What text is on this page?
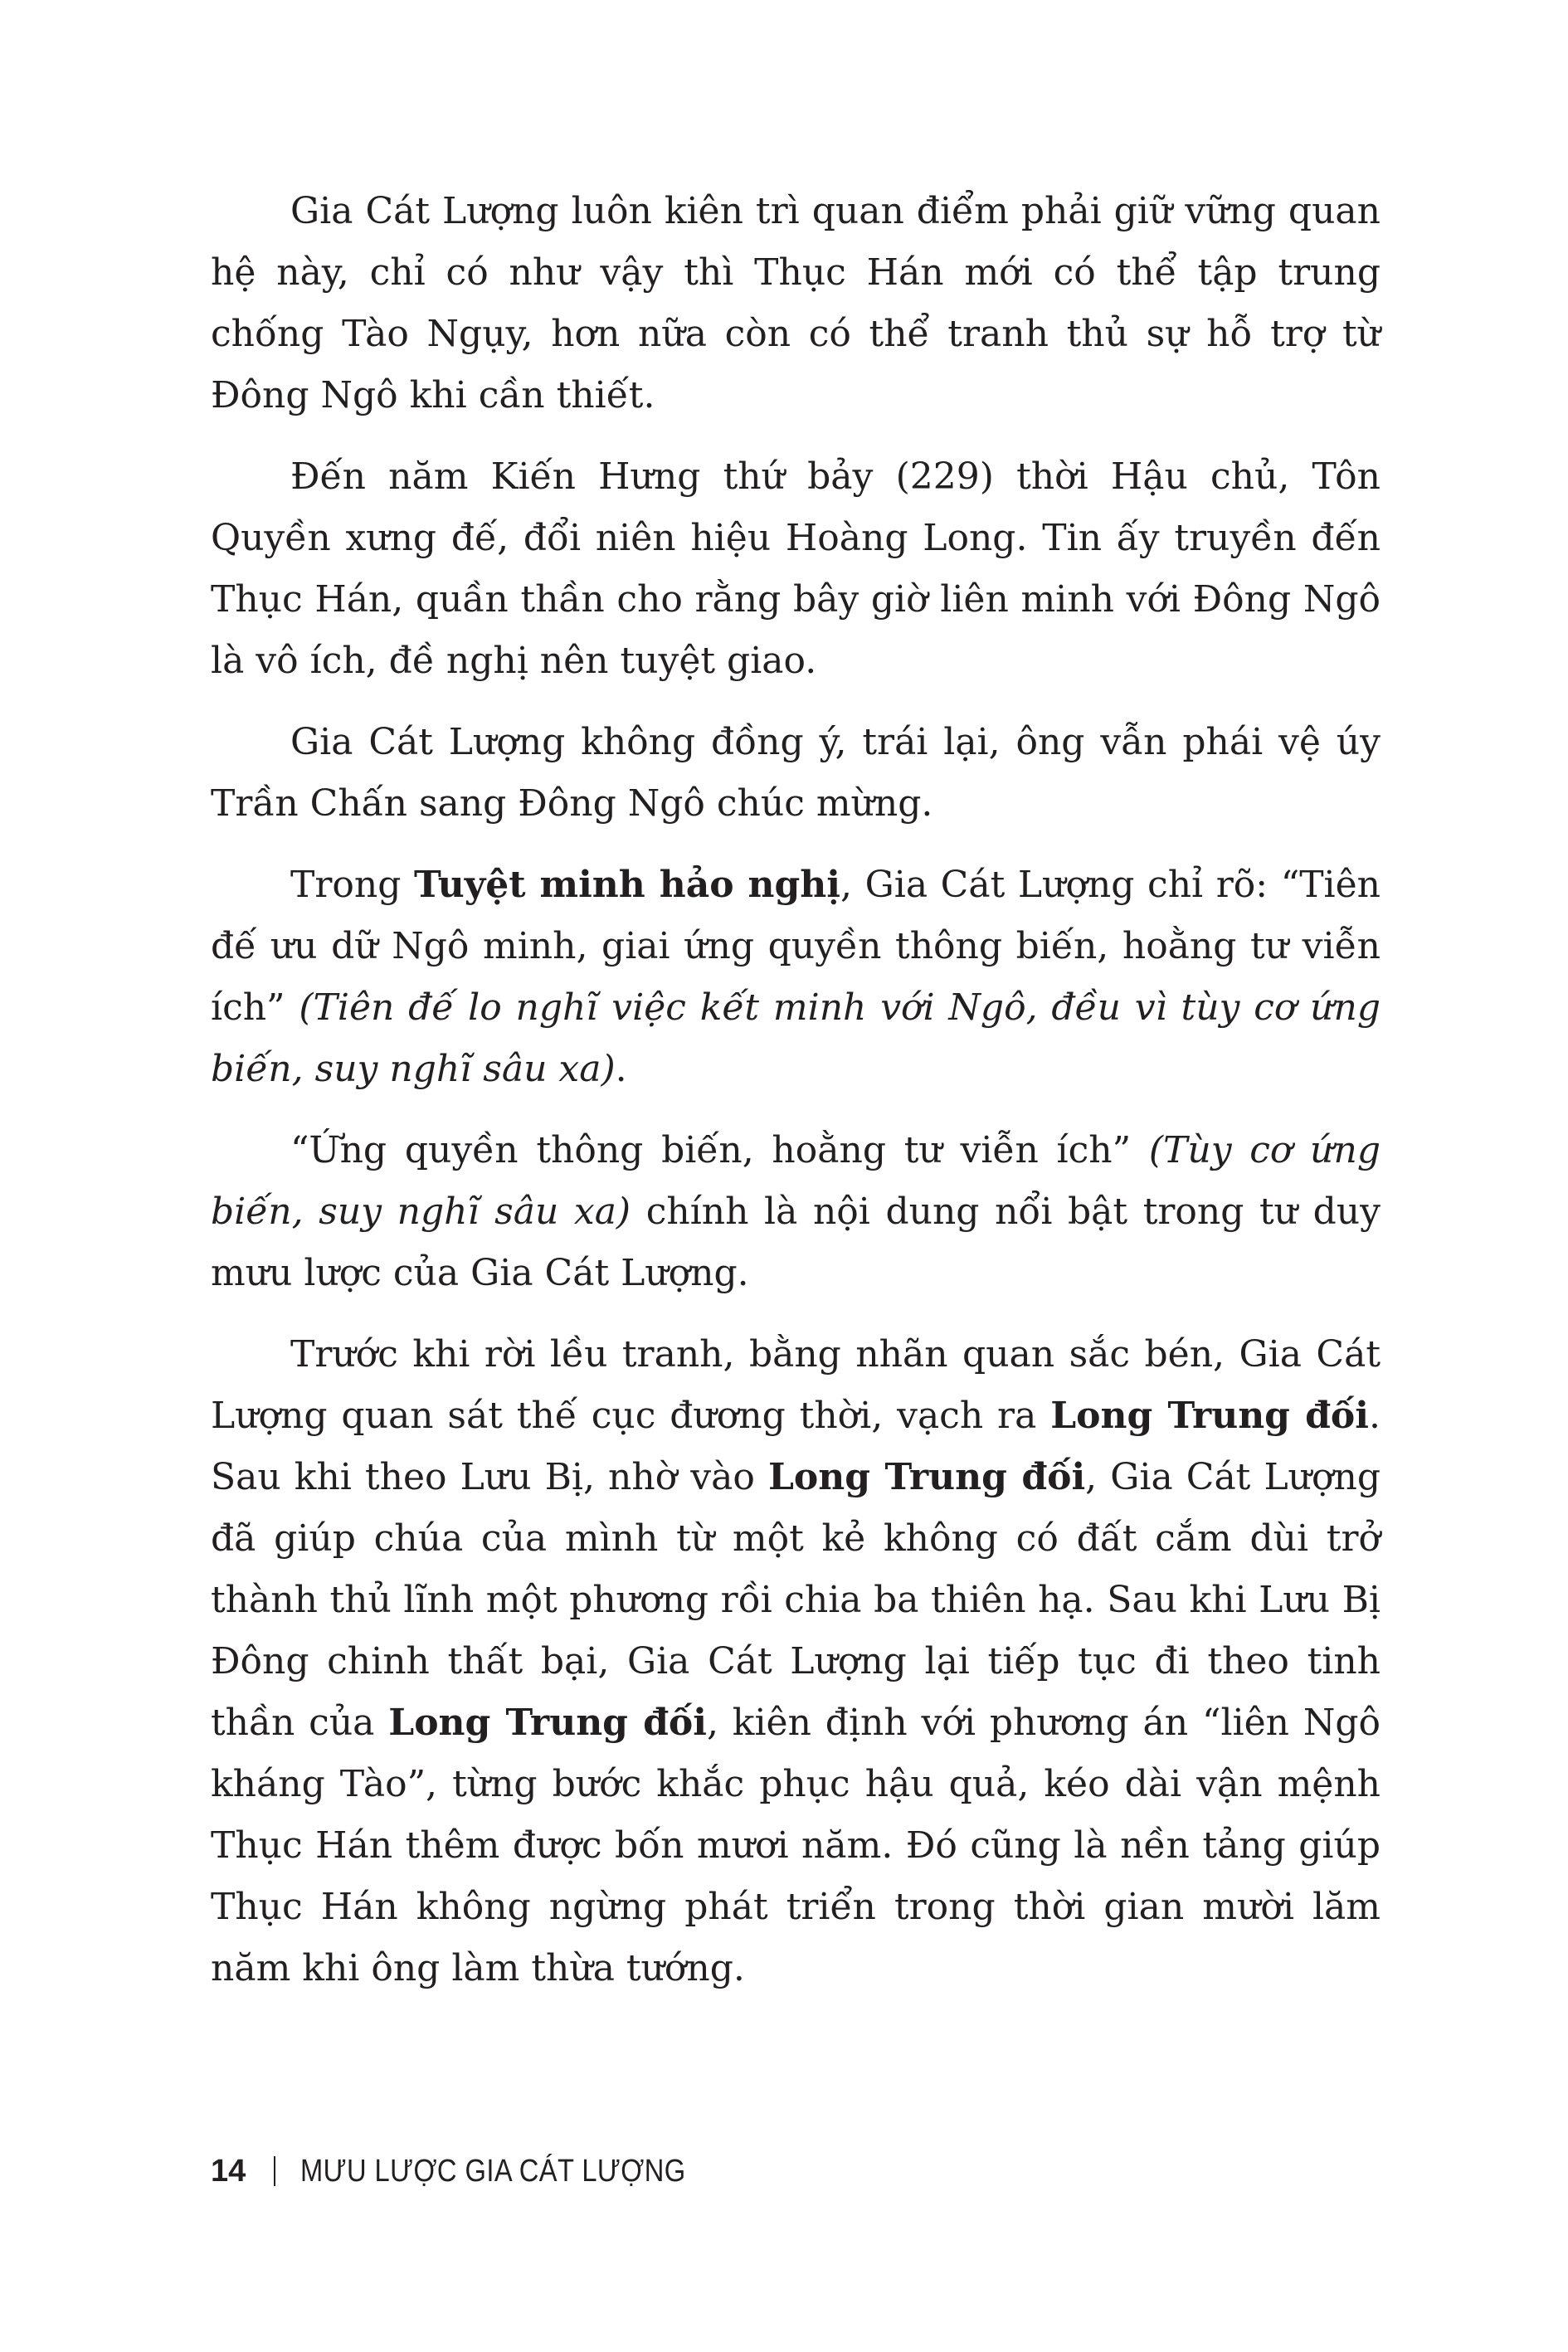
Gia Cát Lượng luôn kiên trì quan điểm phải giữ vững quan hệ này, chỉ có như vậy thì Thục Hán mới có thể tập trung chống Tào Ngụy, hơn nữa còn có thể tranh thủ sự hỗ trợ từ Đông Ngô khi cần thiết.

Đến năm Kiến Hưng thứ bảy (229) thời Hậu chủ, Tôn Quyền xưng đế, đổi niên hiệu Hoàng Long. Tin ấy truyền đến Thục Hán, quần thần cho rằng bây giờ liên minh với Đông Ngô là vô ích, đề nghị nên tuyệt giao.

Gia Cát Lượng không đồng ý, trái lại, ông vẫn phái vệ úy Trần Chấn sang Đông Ngô chúc mừng.

Trong Tuyệt minh hảo nghị, Gia Cát Lượng chỉ rõ: “Tiên đế ưu dữ Ngô minh, giai ứng quyền thông biến, hoằng tư viễn ích” (Tiên đế lo nghĩ việc kết minh với Ngô, đều vì tùy cơ ứng biến, suy nghĩ sâu xa).

“Ứng quyền thông biến, hoằng tư viễn ích” (Tùy cơ ứng biến, suy nghĩ sâu xa) chính là nội dung nổi bật trong tư duy mưu lược của Gia Cát Lượng.

Trước khi rời lều tranh, bằng nhãn quan sắc bén, Gia Cát Lượng quan sát thế cục đương thời, vạch ra Long Trung đối. Sau khi theo Lưu Bị, nhờ vào Long Trung đối, Gia Cát Lượng đã giúp chúa của mình từ một kẻ không có đất cắm dùi trở thành thủ lĩnh một phương rồi chia ba thiên hạ. Sau khi Lưu Bị Đông chinh thất bại, Gia Cát Lượng lại tiếp tục đi theo tinh thần của Long Trung đối, kiên định với phương án “liên Ngô kháng Tào”, từng bước khắc phục hậu quả, kéo dài vận mệnh Thục Hán thêm được bốn mươi năm. Đó cũng là nền tảng giúp Thục Hán không ngừng phát triển trong thời gian mười lăm năm khi ông làm thừa tướng.

14 MƯU LƯỢC GIA CÁT LƯỢNG
